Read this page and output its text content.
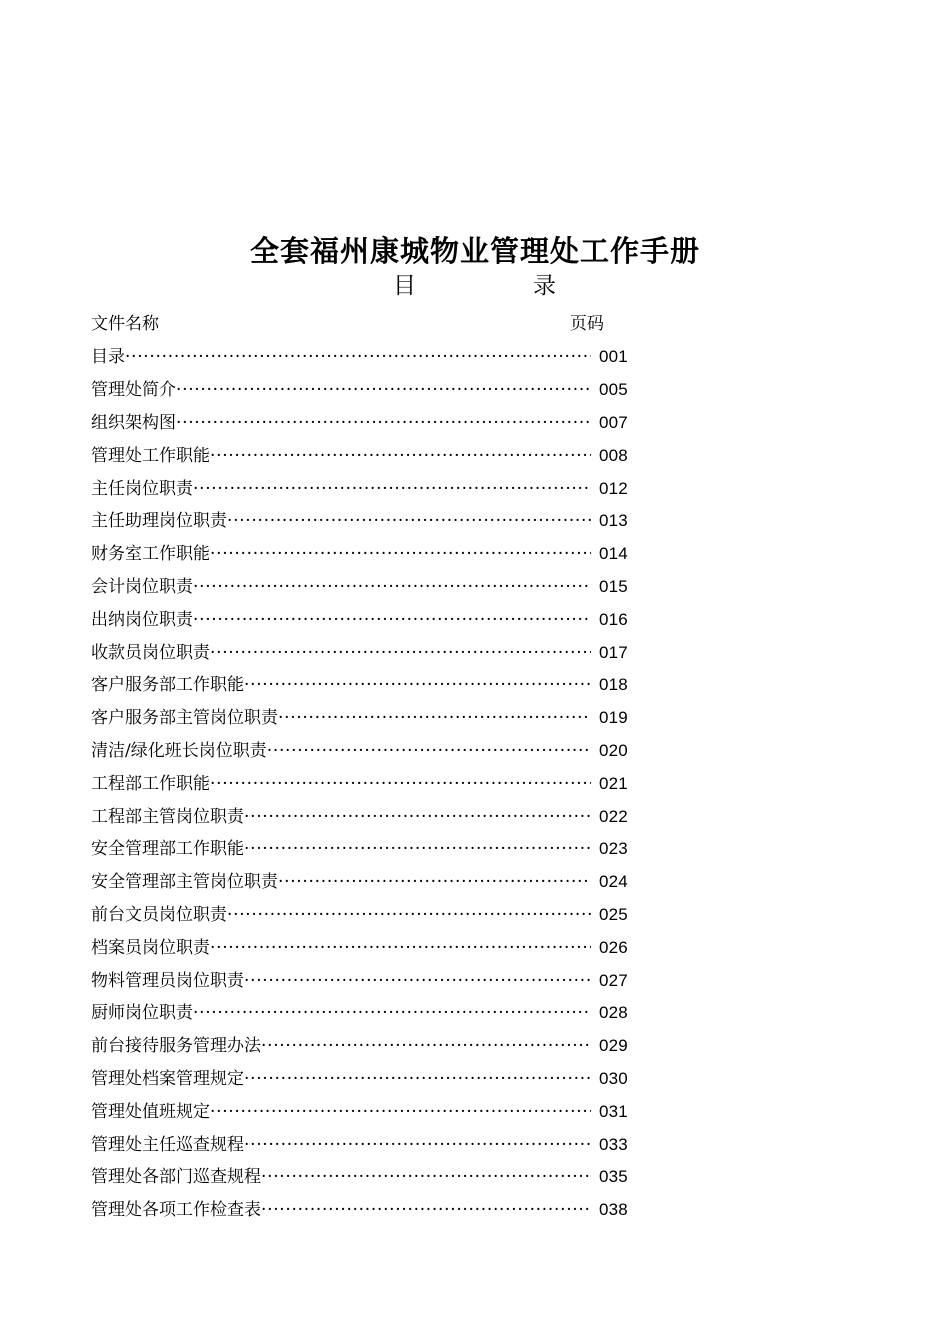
全套福州康城物业管理处工作手册
目	录
文件名称	页码
目录 ·····	001
管理处简介 ·····	005
组织架构图 ·····	007
管理处工作职能 ·····	008
主任岗位职责 ·····	012
主任助理岗位职责 ·····	013
财务室工作职能 ·····	014
会计岗位职责 ·····	015
出纳岗位职责 ·····	016
收款员岗位职责 ·····	017
客户服务部工作职能 ·····	018
客户服务部主管岗位职责 ·····	019
清洁/绿化班长岗位职责 ·····	020
工程部工作职能 ·····	021
工程部主管岗位职责 ·····	022
安全管理部工作职能 ·····	023
安全管理部主管岗位职责 ·····	024
前台文员岗位职责 ·····	025
档案员岗位职责 ·····	026
物料管理员岗位职责 ·····	027
厨师岗位职责 ·····	028
前台接待服务管理办法 ·····	029
管理处档案管理规定 ·····	030
管理处值班规定 ·····	031
管理处主任巡查规程 ·····	033
管理处各部门巡查规程 ·····	035
管理处各项工作检查表 ·····	038
